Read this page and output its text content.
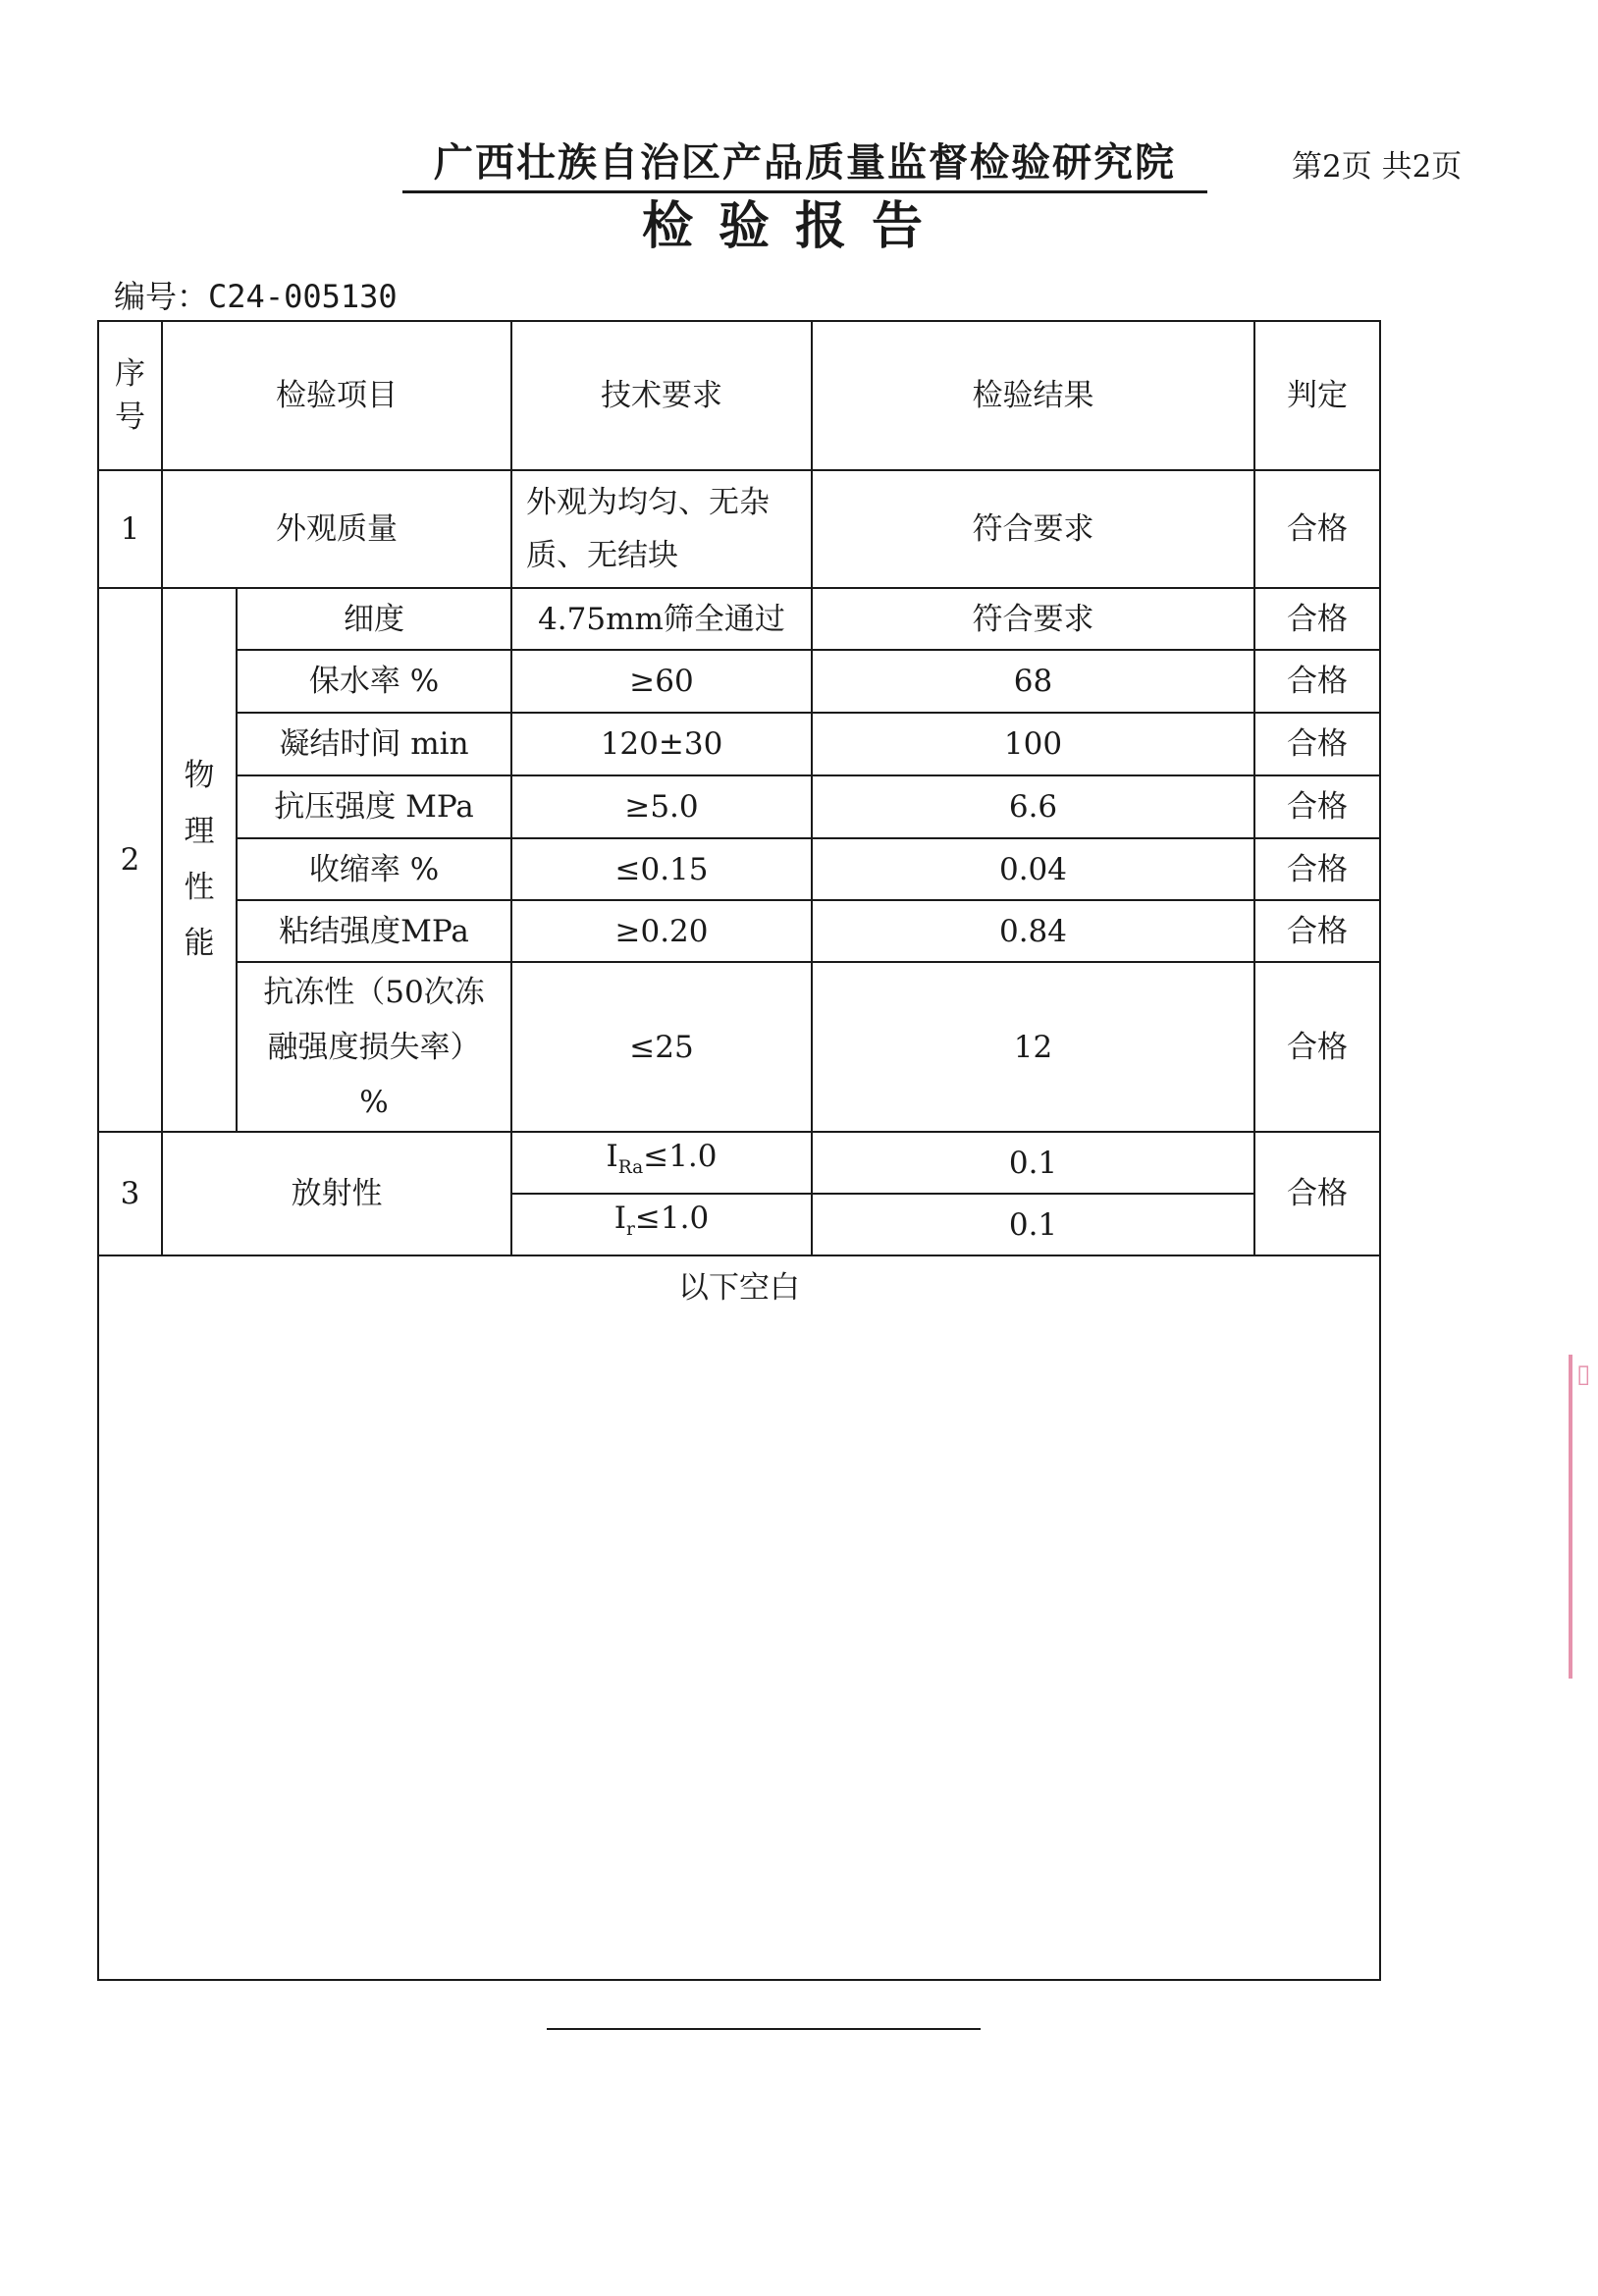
广西壮族自治区产品质量监督检验研究院	第2页 共2页
检验报告
编号：C24-005130
序号	检验项目		技术要求	检验结果	判定
1	外观质量		外观为均匀、无杂质、无结块	符合要求	合格
2	物理性能	细度	4.75mm筛全通过	符合要求	合格
		保水率 %	≥60	68	合格
		凝结时间 min	120±30	100	合格
		抗压强度 MPa	≥5.0	6.6	合格
		收缩率 %	≤0.15	0.04	合格
		粘结强度MPa	≥0.20	0.84	合格
		抗冻性（50次冻融强度损失率）%	≤25	12	合格
3	放射性		$I_{Ra}\le 1.0$	0.1	合格
			$I_r\le 1.0$	0.1	
以下空白					
▯
